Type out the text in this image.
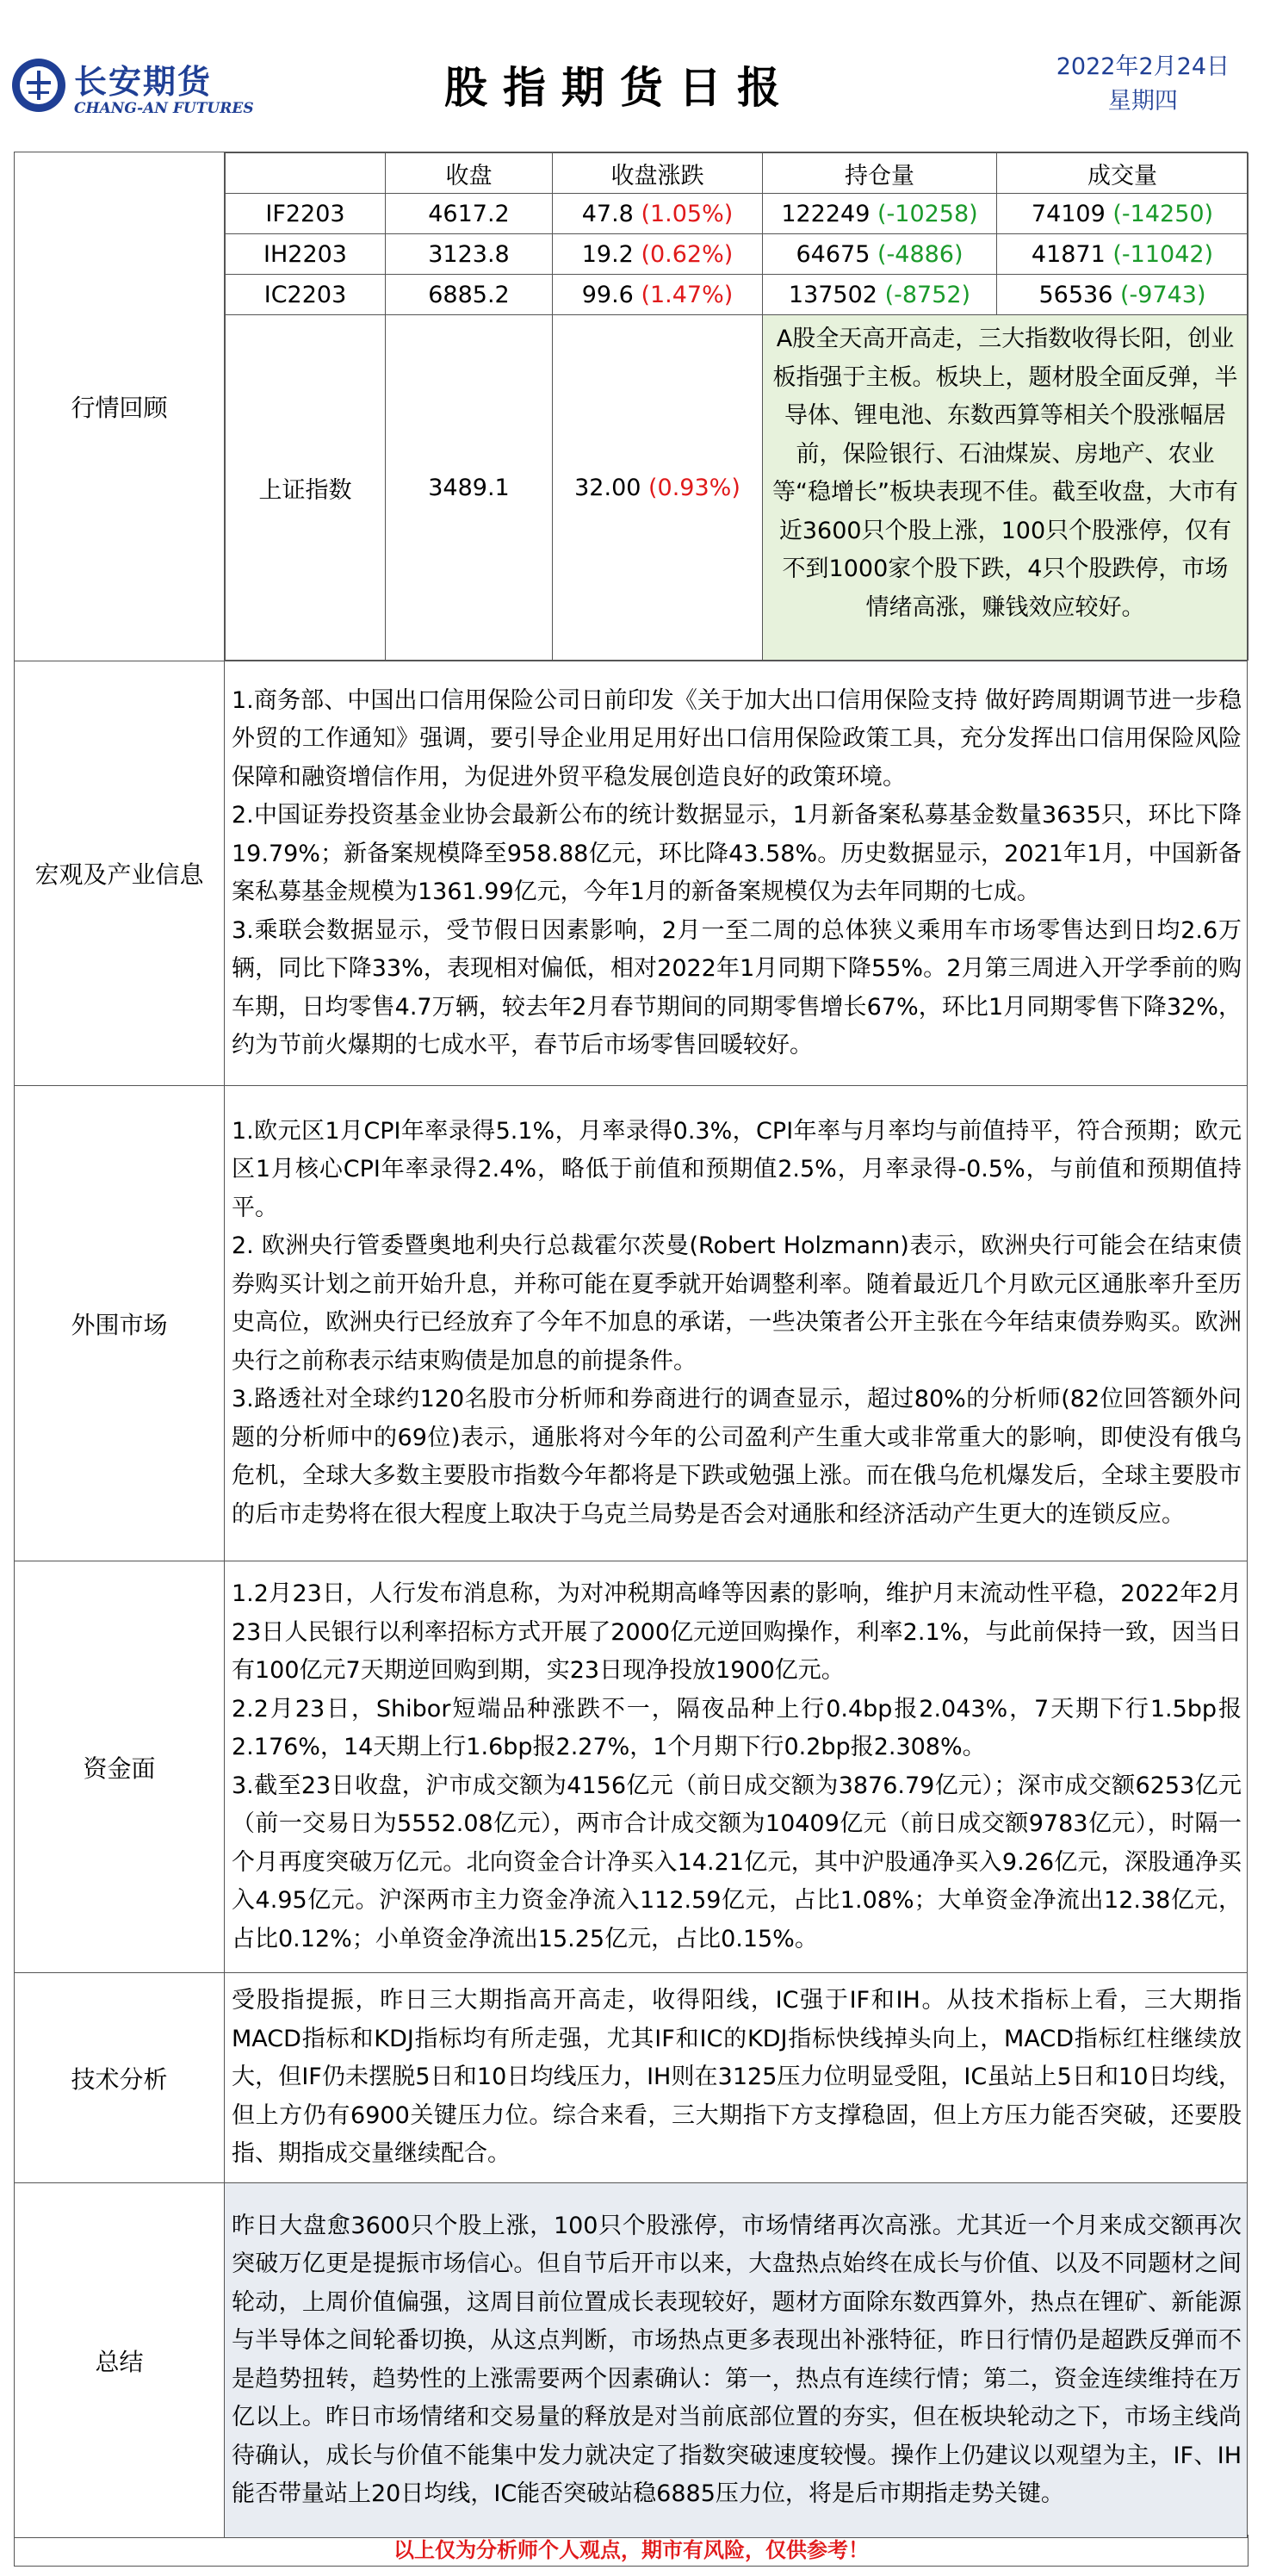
长安期货
CHANG-AN FUTURES	股指期货日报	2022年2月24日
星期四
行情回顾	
	收盘	收盘涨跌	持仓量	成交量
IF2203	4617.2	47.8 (1.05%)	122249 (-10258)	74109 (-14250)
IH2203	3123.8	19.2 (0.62%)	64675 (-4886)	41871 (-11042)
IC2203	6885.2	99.6 (1.47%)	137502 (-8752)	56536 (-9743)
上证指数	3489.1	32.00 (0.93%)	A股全天高开高走，三大指数收得长阳，创业板指强于主板。板块上，题材股全面反弹，半导体、锂电池、东数西算等相关个股涨幅居前，保险银行、石油煤炭、房地产、农业等“稳增长”板块表现不佳。截至收盘，大市有近3600只个股上涨，100只个股涨停，仅有不到1000家个股下跌，4只个股跌停，市场情绪高涨，赚钱效应较好。

宏观及产业信息	

1.商务部、中国出口信用保险公司日前印发《关于加大出口信用保险支持 做好跨周期调节进一步稳外贸的工作通知》强调，要引导企业用足用好出口信用保险政策工具，充分发挥出口信用保险风险保障和融资增信作用，为促进外贸平稳发展创造良好的政策环境。

2.中国证券投资基金业协会最新公布的统计数据显示，1月新备案私募基金数量3635只，环比下降19.79%；新备案规模降至958.88亿元，环比降43.58%。历史数据显示，2021年1月，中国新备案私募基金规模为1361.99亿元，今年1月的新备案规模仅为去年同期的七成。

3.乘联会数据显示，受节假日因素影响，2月一至二周的总体狭义乘用车市场零售达到日均2.6万辆，同比下降33%，表现相对偏低，相对2022年1月同期下降55%。2月第三周进入开学季前的购车期，日均零售4.7万辆，较去年2月春节期间的同期零售增长67%，环比1月同期零售下降32%，约为节前火爆期的七成水平，春节后市场零售回暖较好。

外围市场	

1.欧元区1月CPI年率录得5.1%，月率录得0.3%，CPI年率与月率均与前值持平，符合预期；欧元区1月核心CPI年率录得2.4%，略低于前值和预期值2.5%，月率录得-0.5%，与前值和预期值持平。

2. 欧洲央行管委暨奥地利央行总裁霍尔茨曼(Robert Holzmann)表示，欧洲央行可能会在结束债券购买计划之前开始升息，并称可能在夏季就开始调整利率。随着最近几个月欧元区通胀率升至历史高位，欧洲央行已经放弃了今年不加息的承诺，一些决策者公开主张在今年结束债券购买。欧洲央行之前称表示结束购债是加息的前提条件。

3.路透社对全球约120名股市分析师和券商进行的调查显示，超过80%的分析师(82位回答额外问题的分析师中的69位)表示，通胀将对今年的公司盈利产生重大或非常重大的影响，即使没有俄乌危机，全球大多数主要股市指数今年都将是下跌或勉强上涨。而在俄乌危机爆发后，全球主要股市的后市走势将在很大程度上取决于乌克兰局势是否会对通胀和经济活动产生更大的连锁反应。

资金面	

1.2月23日，人行发布消息称，为对冲税期高峰等因素的影响，维护月末流动性平稳，2022年2月23日人民银行以利率招标方式开展了2000亿元逆回购操作，利率2.1%，与此前保持一致，因当日有100亿元7天期逆回购到期，实23日现净投放1900亿元。

2.2月23日，Shibor短端品种涨跌不一，隔夜品种上行0.4bp报2.043%，7天期下行1.5bp报2.176%，14天期上行1.6bp报2.27%，1个月期下行0.2bp报2.308%。

3.截至23日收盘，沪市成交额为4156亿元（前日成交额为3876.79亿元）；深市成交额6253亿元（前一交易日为5552.08亿元），两市合计成交额为10409亿元（前日成交额9783亿元），时隔一个月再度突破万亿元。北向资金合计净买入14.21亿元，其中沪股通净买入9.26亿元，深股通净买入4.95亿元。沪深两市主力资金净流入112.59亿元，占比1.08%；大单资金净流出12.38亿元，占比0.12%；小单资金净流出15.25亿元，占比0.15%。

技术分析	

受股指提振，昨日三大期指高开高走，收得阳线，IC强于IF和IH。从技术指标上看，三大期指MACD指标和KDJ指标均有所走强，尤其IF和IC的KDJ指标快线掉头向上，MACD指标红柱继续放大，但IF仍未摆脱5日和10日均线压力，IH则在3125压力位明显受阻，IC虽站上5日和10日均线，但上方仍有6900关键压力位。综合来看，三大期指下方支撑稳固，但上方压力能否突破，还要股指、期指成交量继续配合。

总结	

昨日大盘愈3600只个股上涨，100只个股涨停，市场情绪再次高涨。尤其近一个月来成交额再次突破万亿更是提振市场信心。但自节后开市以来，大盘热点始终在成长与价值、以及不同题材之间轮动，上周价值偏强，这周目前位置成长表现较好，题材方面除东数西算外，热点在锂矿、新能源与半导体之间轮番切换，从这点判断，市场热点更多表现出补涨特征，昨日行情仍是超跌反弹而不是趋势扭转，趋势性的上涨需要两个因素确认：第一，热点有连续行情；第二，资金连续维持在万亿以上。昨日市场情绪和交易量的释放是对当前底部位置的夯实，但在板块轮动之下，市场主线尚待确认，成长与价值不能集中发力就决定了指数突破速度较慢。操作上仍建议以观望为主，IF、IH能否带量站上20日均线，IC能否突破站稳6885压力位，将是后市期指走势关键。

以上仅为分析师个人观点，期市有风险，仅供参考！
